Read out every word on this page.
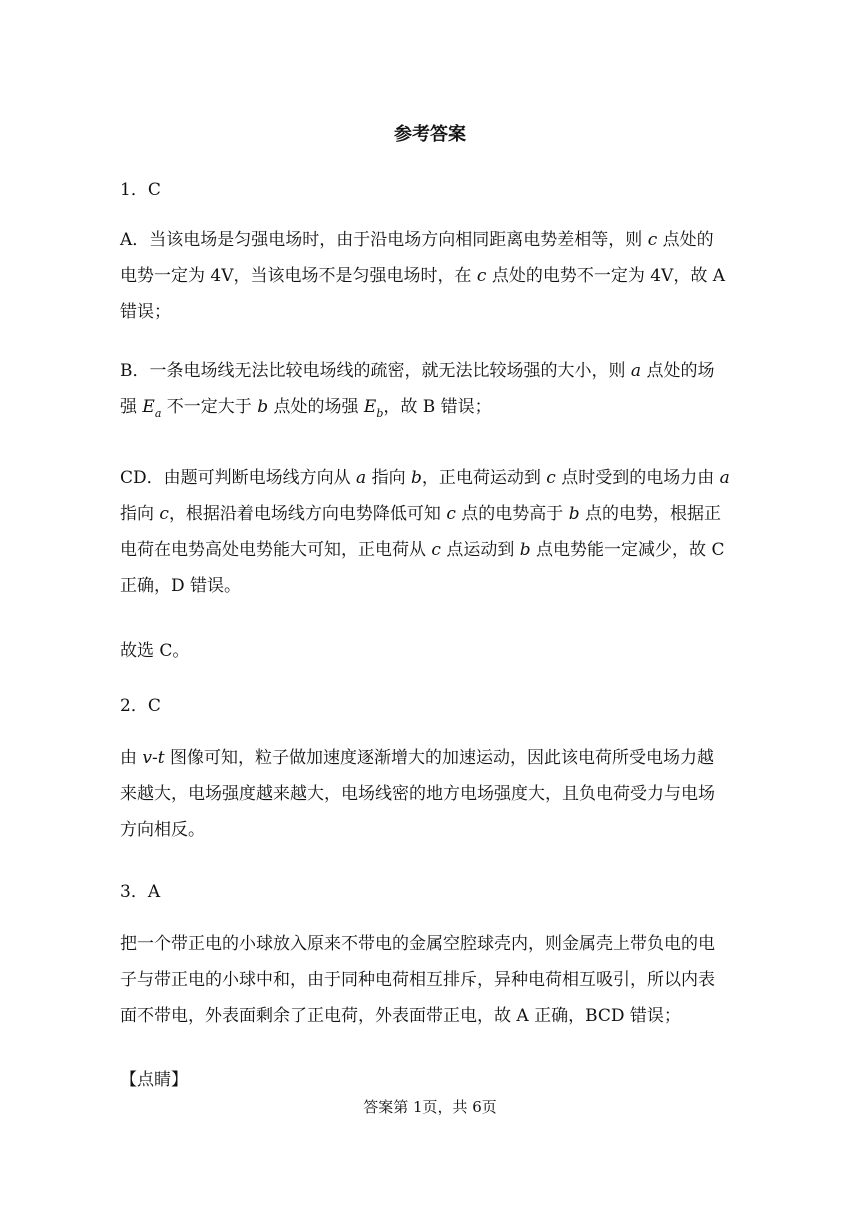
参考答案
1．C
A．当该电场是匀强电场时，由于沿电场方向相同距离电势差相等，则 c 点处的
电势一定为 4V，当该电场不是匀强电场时，在 c 点处的电势不一定为 4V，故 A
错误；
B．一条电场线无法比较电场线的疏密，就无法比较场强的大小，则 a 点处的场
强 $E_a$ 不一定大于 b 点处的场强 $E_b$，故 B 错误；
CD．由题可判断电场线方向从 a 指向 b，正电荷运动到 c 点时受到的电场力由 a
指向 c，根据沿着电场线方向电势降低可知 c 点的电势高于 b 点的电势，根据正
电荷在电势高处电势能大可知，正电荷从 c 点运动到 b 点电势能一定减少，故 C
正确，D 错误。
故选 C。
2．C
由 v-t 图像可知，粒子做加速度逐渐增大的加速运动，因此该电荷所受电场力越
来越大，电场强度越来越大，电场线密的地方电场强度大，且负电荷受力与电场
方向相反。
3．A
把一个带正电的小球放入原来不带电的金属空腔球壳内，则金属壳上带负电的电
子与带正电的小球中和，由于同种电荷相互排斥，异种电荷相互吸引，所以内表
面不带电，外表面剩余了正电荷，外表面带正电，故 A 正确，BCD 错误；
【点睛】
答案第 1页，共 6页
